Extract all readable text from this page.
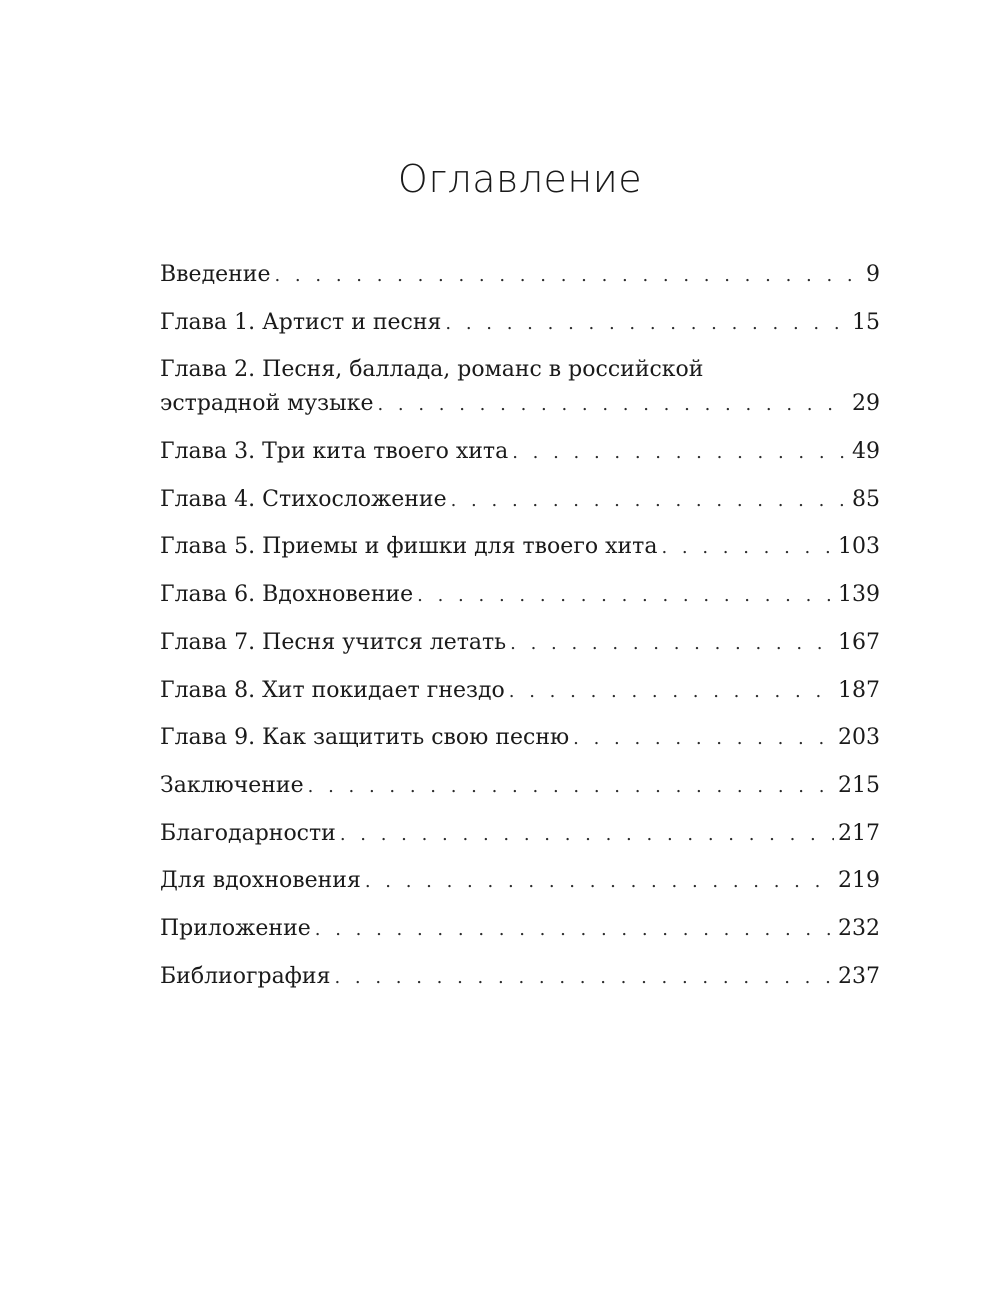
Оглавление
Введение . . .	9
Глава 1. Артист и песня . . .	15
Глава 2. Песня, баллада, романс в российской
эстрадной музыке . . .	29
Глава 3. Три кита твоего хита . . .	49
Глава 4. Стихосложение . . .	85
Глава 5. Приемы и фишки для твоего хита . . .	103
Глава 6. Вдохновение . . .	139
Глава 7. Песня учится летать . . .	167
Глава 8. Хит покидает гнездо . . .	187
Глава 9. Как защитить свою песню . . .	203
Заключение . . .	215
Благодарности . . .	217
Для вдохновения . . .	219
Приложение . . .	232
Библиография . . .	237
